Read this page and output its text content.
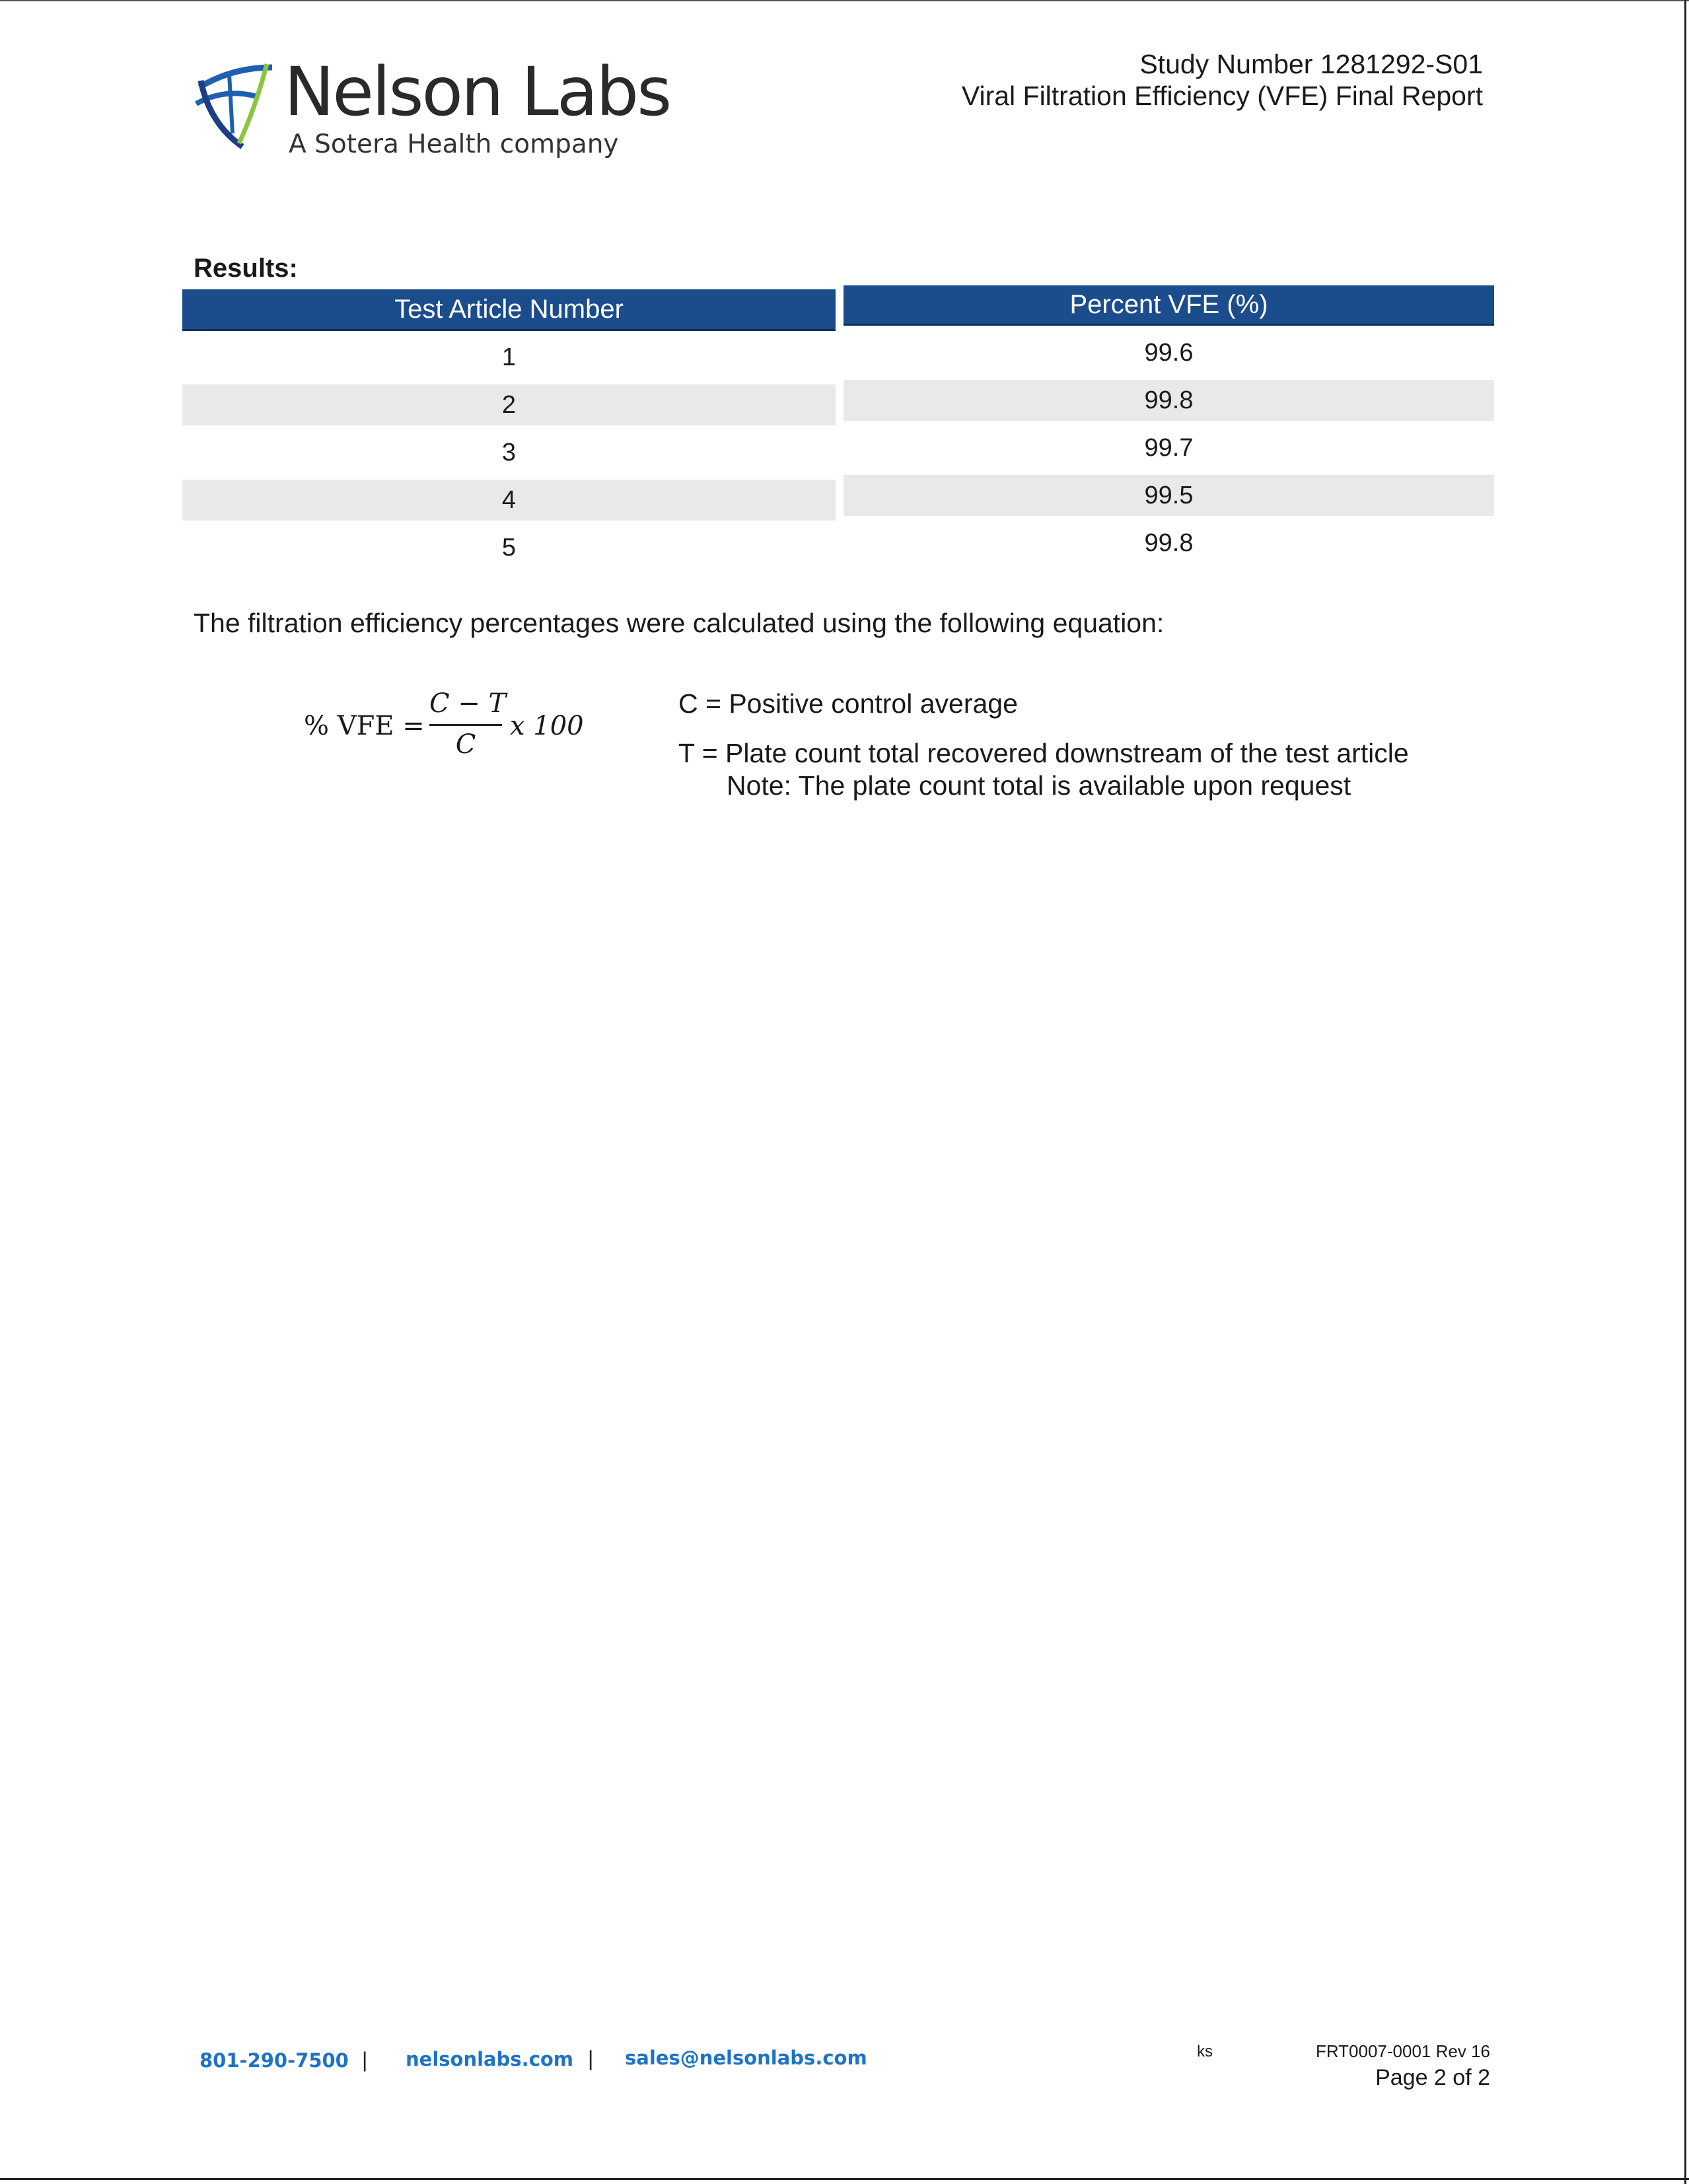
Nelson Labs
A Sotera Health company
Study Number 1281292-S01
Viral Filtration Efficiency (VFE) Final Report
Results:
Test Article Number	Percent VFE (%)
1	99.6
2	99.8
3	99.7
4	99.5
5	99.8
The filtration efficiency percentages were calculated using the following equation:
% VFE =
C − T
C
x 100
C = Positive control average
T = Plate count total recovered downstream of the test article
Note: The plate count total is available upon request
801-290-7500 | nelsonlabs.com | sales@nelsonlabs.com	ks	FRT0007-0001 Rev 16
Page 2 of 2
